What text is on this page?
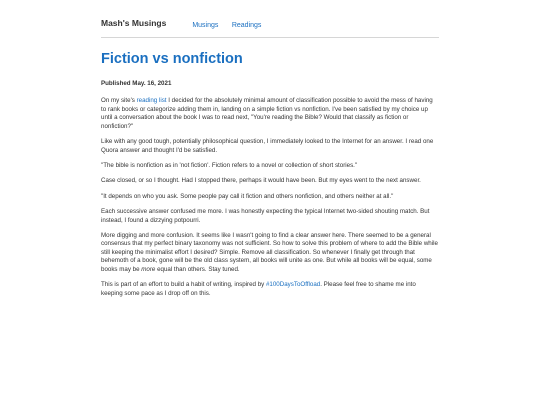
Mash's Musings	Musings Readings
Fiction vs nonfiction
Published May. 16, 2021

On my site's reading list I decided for the absolutely minimal amount of classification possible to avoid the mess of having to rank books or categorize adding them in, landing on a simple fiction vs nonfiction. I've been satisfied by my choice up until a conversation about the book I was to read next, "You're reading the Bible? Would that classify as fiction or nonfiction?"

Like with any good tough, potentially philosophical question, I immediately looked to the Internet for an answer. I read one Quora answer and thought I'd be satisfied.

"The bible is nonfiction as in 'not fiction'. Fiction refers to a novel or collection of short stories."

Case closed, or so I thought. Had I stopped there, perhaps it would have been. But my eyes went to the next answer.

"It depends on who you ask. Some people pay call it fiction and others nonfiction, and others neither at all."

Each successive answer confused me more. I was honestly expecting the typical Internet two-sided shouting match. But instead, I found a dizzying potpourri.

More digging and more confusion. It seems like I wasn't going to find a clear answer here. There seemed to be a general consensus that my perfect binary taxonomy was not sufficient. So how to solve this problem of where to add the Bible while still keeping the minimalist effort I desired? Simple. Remove all classification. So whenever I finally get through that behemoth of a book, gone will be the old class system, all books will unite as one. But while all books will be equal, some books may be more equal than others. Stay tuned.

This is part of an effort to build a habit of writing, inspired by #100DaysToOffload. Please feel free to shame me into keeping some pace as I drop off on this.
